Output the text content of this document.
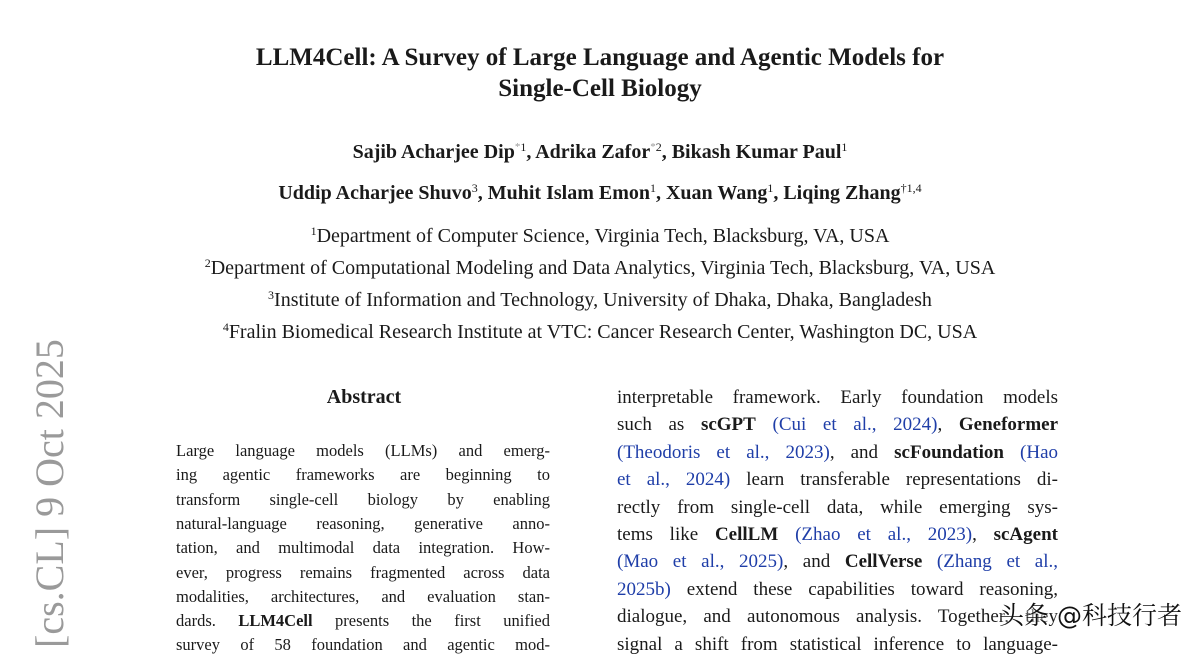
LLM4Cell: A Survey of Large Language and Agentic Models for
Single-Cell Biology
Sajib Acharjee Dip$^{*1}$, Adrika Zafor$^{*2}$, Bikash Kumar Paul$^1$
Uddip Acharjee Shuvo$^3$, Muhit Islam Emon$^1$, Xuan Wang$^1$, Liqing Zhang$^{\dagger 1,4}$
$^1$Department of Computer Science, Virginia Tech, Blacksburg, VA, USA
$^2$Department of Computational Modeling and Data Analytics, Virginia Tech, Blacksburg, VA, USA
$^3$Institute of Information and Technology, University of Dhaka, Dhaka, Bangladesh
$^4$Fralin Biomedical Research Institute at VTC: Cancer Research Center, Washington DC, USA
[cs.CL] 9 Oct 2025	Abstract
Large language models (LLMs) and emerg-
ing agentic frameworks are beginning to
transform single-cell biology by enabling
natural-language reasoning, generative anno-
tation, and multimodal data integration. How-
ever, progress remains fragmented across data
modalities, architectures, and evaluation stan-
dards. LLM4Cell presents the first unified
survey of 58 foundation and agentic mod-
interpretable framework. Early foundation models
such as scGPT (Cui et al., 2024), Geneformer
(Theodoris et al., 2023), and scFoundation (Hao
et al., 2024) learn transferable representations di-
rectly from single-cell data, while emerging sys-
tems like CellLM (Zhao et al., 2023), scAgent
(Mao et al., 2025), and CellVerse (Zhang et al.,
2025b) extend these capabilities toward reasoning,
dialogue, and autonomous analysis. Together, they
signal a shift from statistical inference to language-
头条 @科技行者
